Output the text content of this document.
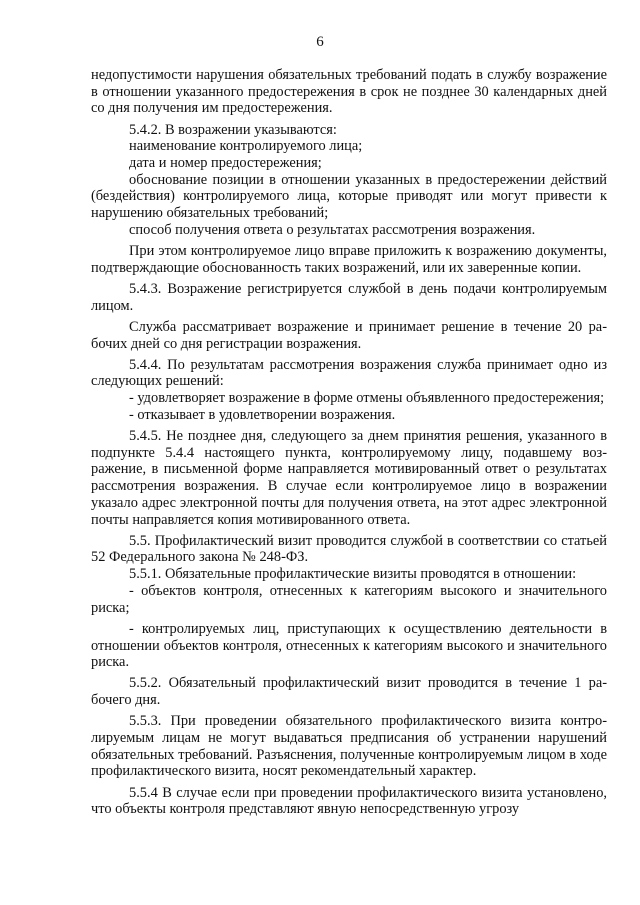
6

недопустимости нарушения обязательных требований подать в службу возражение в отношении указанного предостережения в срок не позднее 30 календарных дней со дня получения им предостережения.

5.4.2. В возражении указываются:

наименование контролируемого лица;

дата и номер предостережения;

обоснование позиции в отношении указанных в предостережении действий (бездействия) контролируемого лица, которые приводят или могут привести к нарушению обязательных требований;

способ получения ответа о результатах рассмотрения возражения.

При этом контролируемое лицо вправе приложить к возражению документы, подтверждающие обоснованность таких возражений, или их заверенные копии.

5.4.3. Возражение регистрируется службой в день подачи контролируемым лицом.

Служба рассматривает возражение и принимает решение в течение 20 рабочих дней со дня регистрации возражения.

5.4.4. По результатам рассмотрения возражения служба принимает одно из следующих решений:

- удовлетворяет возражение в форме отмены объявленного предостережения;

- отказывает в удовлетворении возражения.

5.4.5. Не позднее дня, следующего за днем принятия решения, указанного в подпункте 5.4.4 настоящего пункта, контролируемому лицу, подавшему возражение, в письменной форме направляется мотивированный ответ о результатах рассмотрения возражения. В случае если контролируемое лицо в возражении указало адрес электронной почты для получения ответа, на этот адрес электронной почты направляется копия мотивированного ответа.

5.5. Профилактический визит проводится службой в соответствии со статьей 52 Федерального закона № 248-ФЗ.

5.5.1. Обязательные профилактические визиты проводятся в отношении:

- объектов контроля, отнесенных к категориям высокого и значительного риска;

- контролируемых лиц, приступающих к осуществлению деятельности в отношении объектов контроля, отнесенных к категориям высокого и значительного риска.

5.5.2. Обязательный профилактический визит проводится в течение 1 рабочего дня.

5.5.3. При проведении обязательного профилактического визита контролируемым лицам не могут выдаваться предписания об устранении нарушений обязательных требований. Разъяснения, полученные контролируемым лицом в ходе профилактического визита, носят рекомендательный характер.

5.5.4 В случае если при проведении профилактического визита установлено, что объекты контроля представляют явную непосредственную угрозу
